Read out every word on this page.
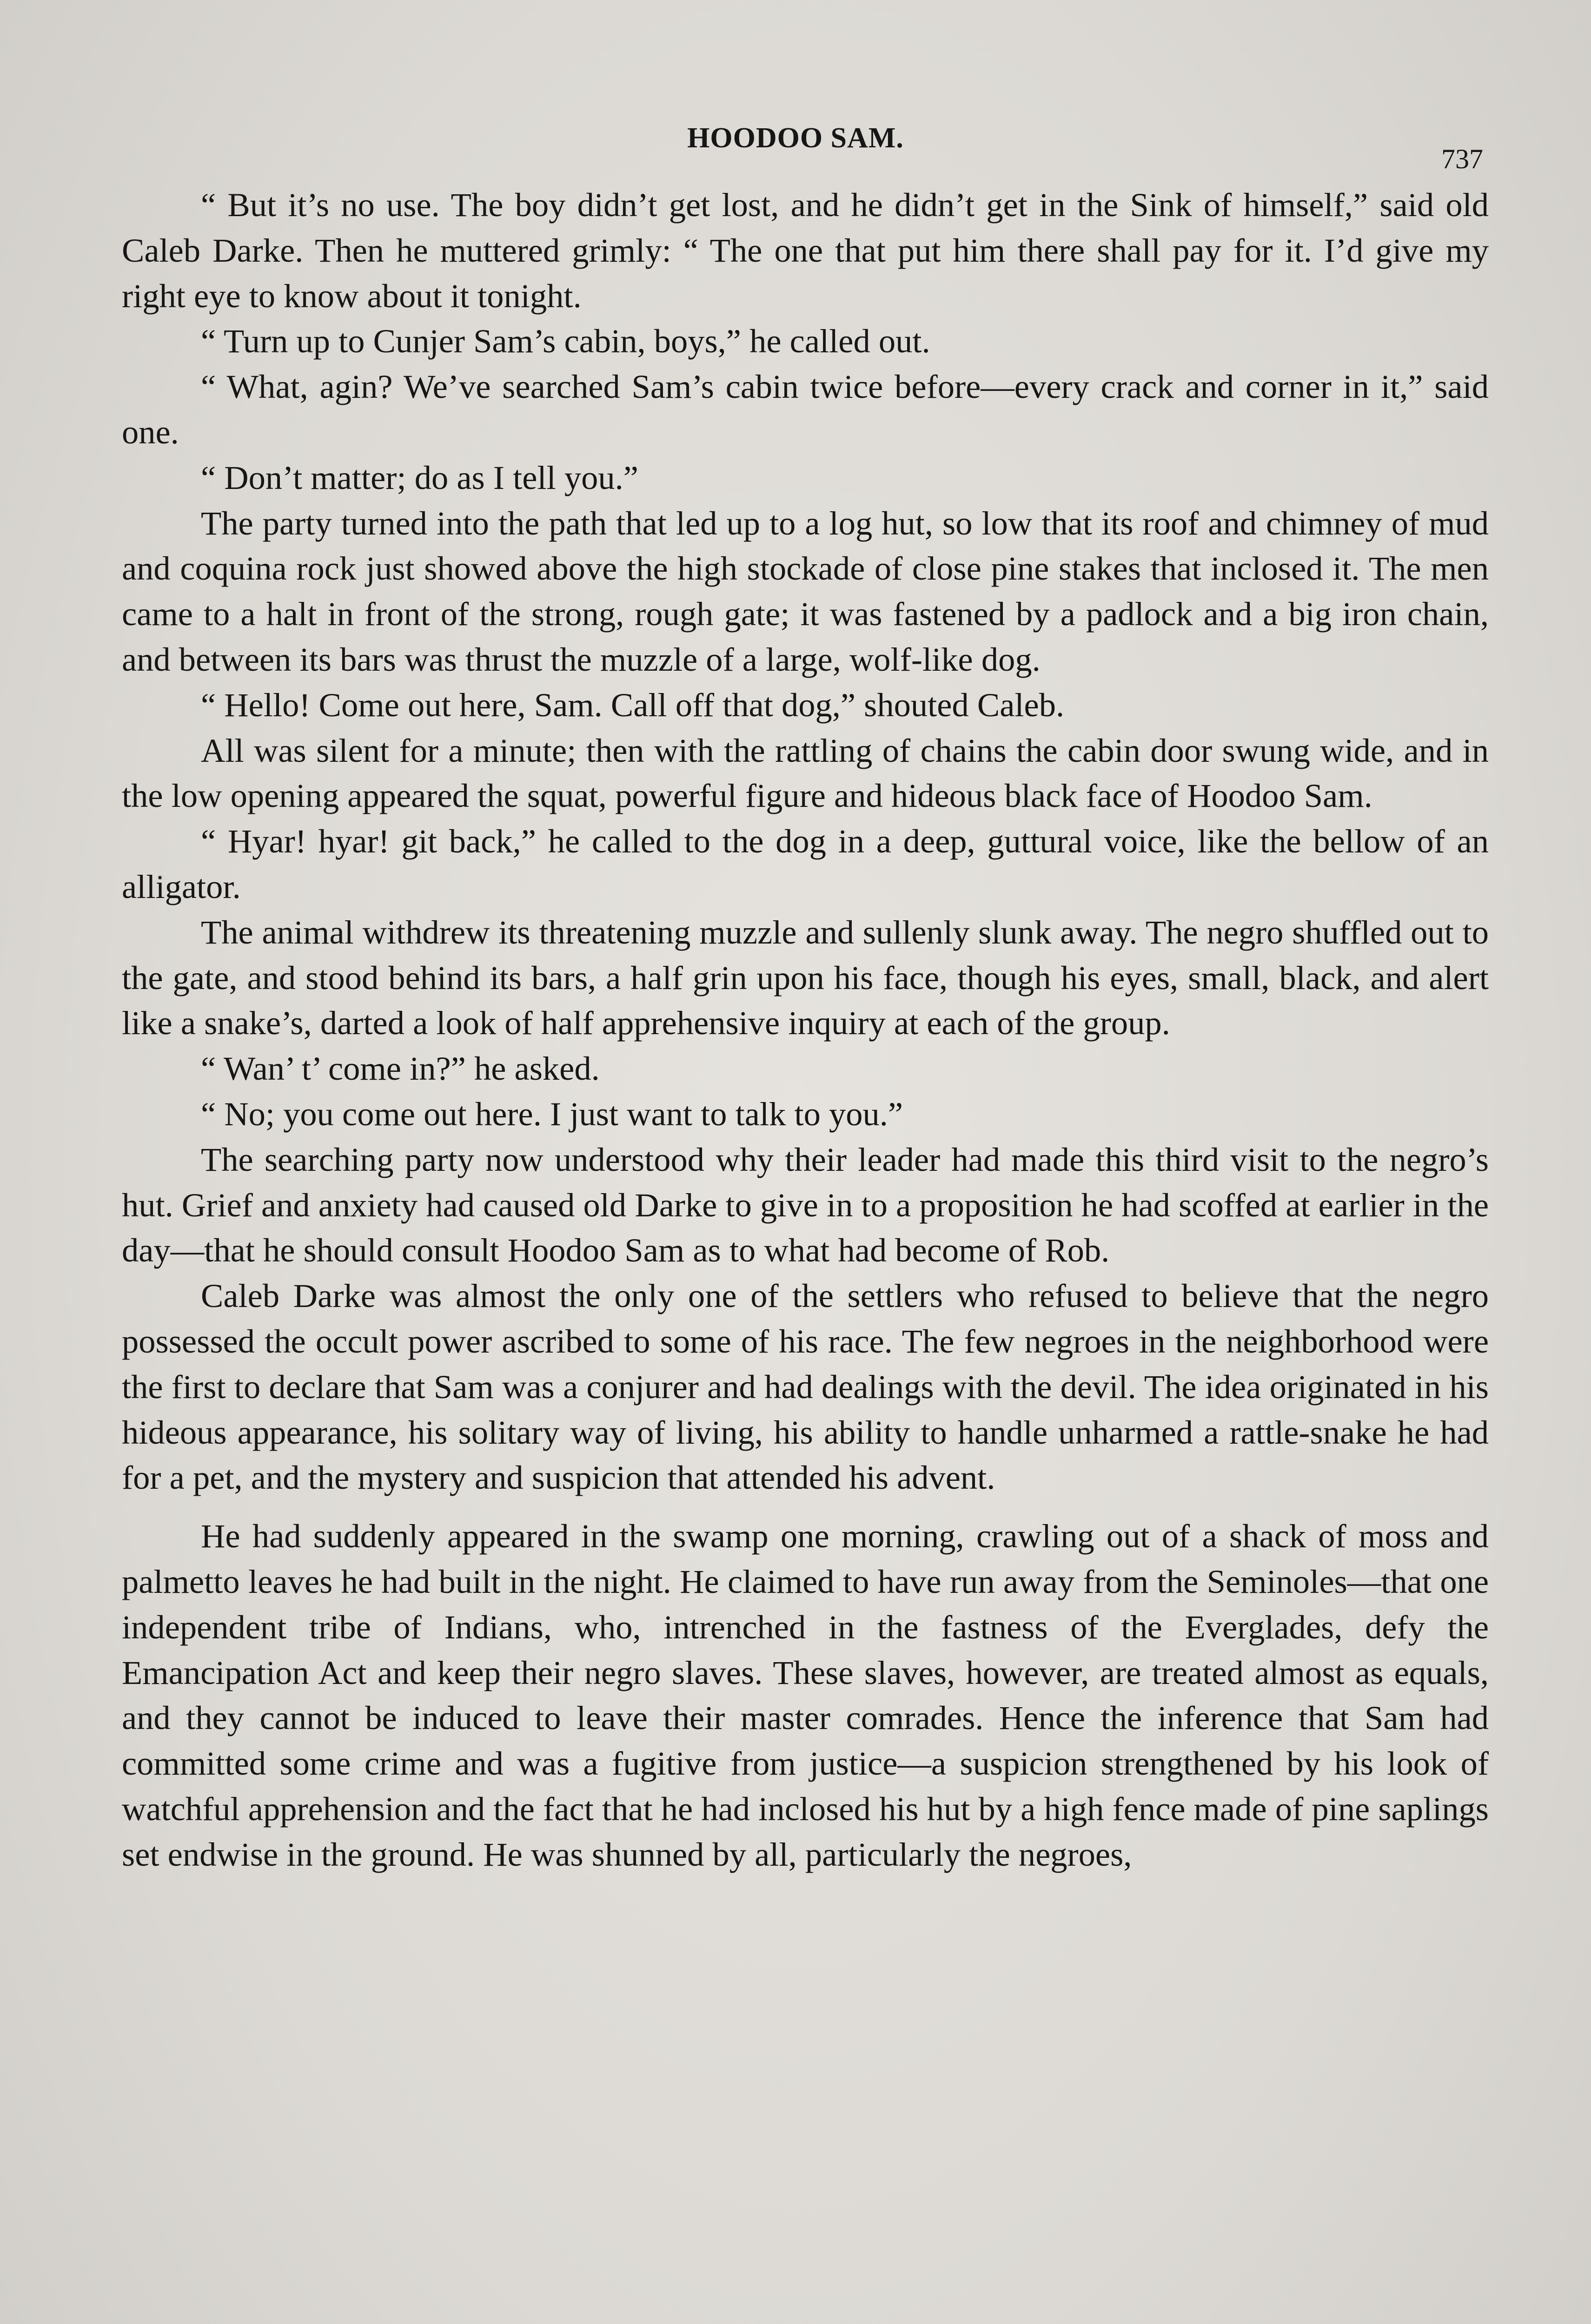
HOODOO SAM.
737

“ But it’s no use. The boy didn’t get lost, and he didn’t get in the Sink of himself,” said old Caleb Darke. Then he muttered grimly: “ The one that put him there shall pay for it. I’d give my right eye to know about it tonight.

“ Turn up to Cunjer Sam’s cabin, boys,” he called out.

“ What, agin? We’ve searched Sam’s cabin twice before—every crack and corner in it,” said one.

“ Don’t matter; do as I tell you.”

The party turned into the path that led up to a log hut, so low that its roof and chimney of mud and coquina rock just showed above the high stockade of close pine stakes that inclosed it. The men came to a halt in front of the strong, rough gate; it was fastened by a padlock and a big iron chain, and between its bars was thrust the muzzle of a large, wolf-like dog.

“ Hello! Come out here, Sam. Call off that dog,” shouted Caleb.

All was silent for a minute; then with the rattling of chains the cabin door swung wide, and in the low opening appeared the squat, powerful figure and hideous black face of Hoodoo Sam.

“ Hyar! hyar! git back,” he called to the dog in a deep, guttural voice, like the bellow of an alligator.

The animal withdrew its threatening muzzle and sullenly slunk away. The negro shuffled out to the gate, and stood behind its bars, a half grin upon his face, though his eyes, small, black, and alert like a snake’s, darted a look of half apprehensive inquiry at each of the group.

“ Wan’ t’ come in?” he asked.

“ No; you come out here. I just want to talk to you.”

The searching party now understood why their leader had made this third visit to the negro’s hut. Grief and anxiety had caused old Darke to give in to a proposition he had scoffed at earlier in the day—that he should consult Hoodoo Sam as to what had become of Rob.

Caleb Darke was almost the only one of the settlers who refused to believe that the negro possessed the occult power ascribed to some of his race. The few negroes in the neighborhood were the first to declare that Sam was a conjurer and had dealings with the devil. The idea originated in his hideous appearance, his solitary way of living, his ability to handle unharmed a rattle-snake he had for a pet, and the mystery and suspicion that attended his advent.

He had suddenly appeared in the swamp one morning, crawling out of a shack of moss and palmetto leaves he had built in the night. He claimed to have run away from the Seminoles—that one independent tribe of Indians, who, intrenched in the fastness of the Everglades, defy the Emancipation Act and keep their negro slaves. These slaves, however, are treated almost as equals, and they cannot be induced to leave their master comrades. Hence the inference that Sam had committed some crime and was a fugitive from justice—a suspicion strengthened by his look of watchful apprehension and the fact that he had inclosed his hut by a high fence made of pine saplings set endwise in the ground. He was shunned by all, particularly the negroes,
